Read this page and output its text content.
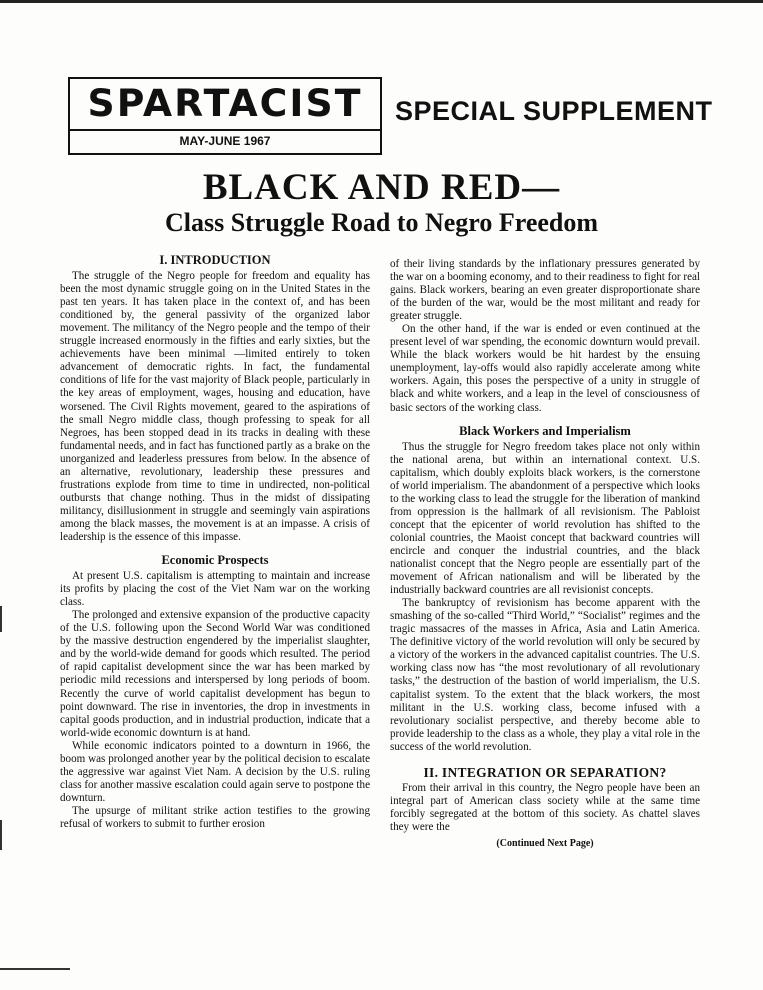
SPARTACIST
MAY-JUNE 1967
SPECIAL SUPPLEMENT
BLACK AND RED—
Class Struggle Road to Negro Freedom
I. INTRODUCTION

The struggle of the Negro people for freedom and equality has been the most dynamic struggle going on in the United States in the past ten years. It has taken place in the context of, and has been conditioned by, the general passivity of the organized labor movement. The militancy of the Negro people and the tempo of their struggle increased enormously in the fifties and early sixties, but the achievements have been minimal —limited entirely to token advancement of democratic rights. In fact, the fundamental conditions of life for the vast majority of Black people, particularly in the key areas of employment, wages, housing and education, have worsened. The Civil Rights movement, geared to the aspirations of the small Negro middle class, though professing to speak for all Negroes, has been stopped dead in its tracks in dealing with these fundamental needs, and in fact has functioned partly as a brake on the unorganized and leaderless pressures from below. In the absence of an alternative, revolutionary, leadership these pressures and frustrations explode from time to time in undirected, non-political outbursts that change nothing. Thus in the midst of dissipating militancy, disillusionment in struggle and seemingly vain aspirations among the black masses, the movement is at an impasse. A crisis of leadership is the essence of this impasse.

Economic Prospects

At present U.S. capitalism is attempting to maintain and increase its profits by placing the cost of the Viet Nam war on the working class.

The prolonged and extensive expansion of the productive capacity of the U.S. following upon the Second World War was conditioned by the massive destruction engendered by the imperialist slaughter, and by the world-wide demand for goods which resulted. The period of rapid capitalist development since the war has been marked by periodic mild recessions and interspersed by long periods of boom. Recently the curve of world capitalist development has begun to point downward. The rise in inventories, the drop in investments in capital goods production, and in industrial production, indicate that a world-wide economic downturn is at hand.

While economic indicators pointed to a downturn in 1966, the boom was prolonged another year by the political decision to escalate the aggressive war against Viet Nam. A decision by the U.S. ruling class for another massive escalation could again serve to postpone the downturn.

The upsurge of militant strike action testifies to the growing refusal of workers to submit to further erosion

of their living standards by the inflationary pressures generated by the war on a booming economy, and to their readiness to fight for real gains. Black workers, bearing an even greater disproportionate share of the burden of the war, would be the most militant and ready for greater struggle.

On the other hand, if the war is ended or even continued at the present level of war spending, the economic downturn would prevail. While the black workers would be hit hardest by the ensuing unemployment, lay-offs would also rapidly accelerate among white workers. Again, this poses the perspective of a unity in struggle of black and white workers, and a leap in the level of consciousness of basic sectors of the working class.

Black Workers and Imperialism

Thus the struggle for Negro freedom takes place not only within the national arena, but within an international context. U.S. capitalism, which doubly exploits black workers, is the cornerstone of world imperialism. The abandonment of a perspective which looks to the working class to lead the struggle for the liberation of mankind from oppression is the hallmark of all revisionism. The Pabloist concept that the epicenter of world revolution has shifted to the colonial countries, the Maoist concept that backward countries will encircle and conquer the industrial countries, and the black nationalist concept that the Negro people are essentially part of the movement of African nationalism and will be liberated by the industrially backward countries are all revisionist concepts.

The bankruptcy of revisionism has become apparent with the smashing of the so-called “Third World,” “Socialist” regimes and the tragic massacres of the masses in Africa, Asia and Latin America. The definitive victory of the world revolution will only be secured by a victory of the workers in the advanced capitalist countries. The U.S. working class now has “the most revolutionary of all revolutionary tasks,” the destruction of the bastion of world imperialism, the U.S. capitalist system. To the extent that the black workers, the most militant in the U.S. working class, become infused with a revolutionary socialist perspective, and thereby become able to provide leadership to the class as a whole, they play a vital role in the success of the world revolution.

II. INTEGRATION OR SEPARATION?

From their arrival in this country, the Negro people have been an integral part of American class society while at the same time forcibly segregated at the bottom of this society. As chattel slaves they were the

(Continued Next Page)
